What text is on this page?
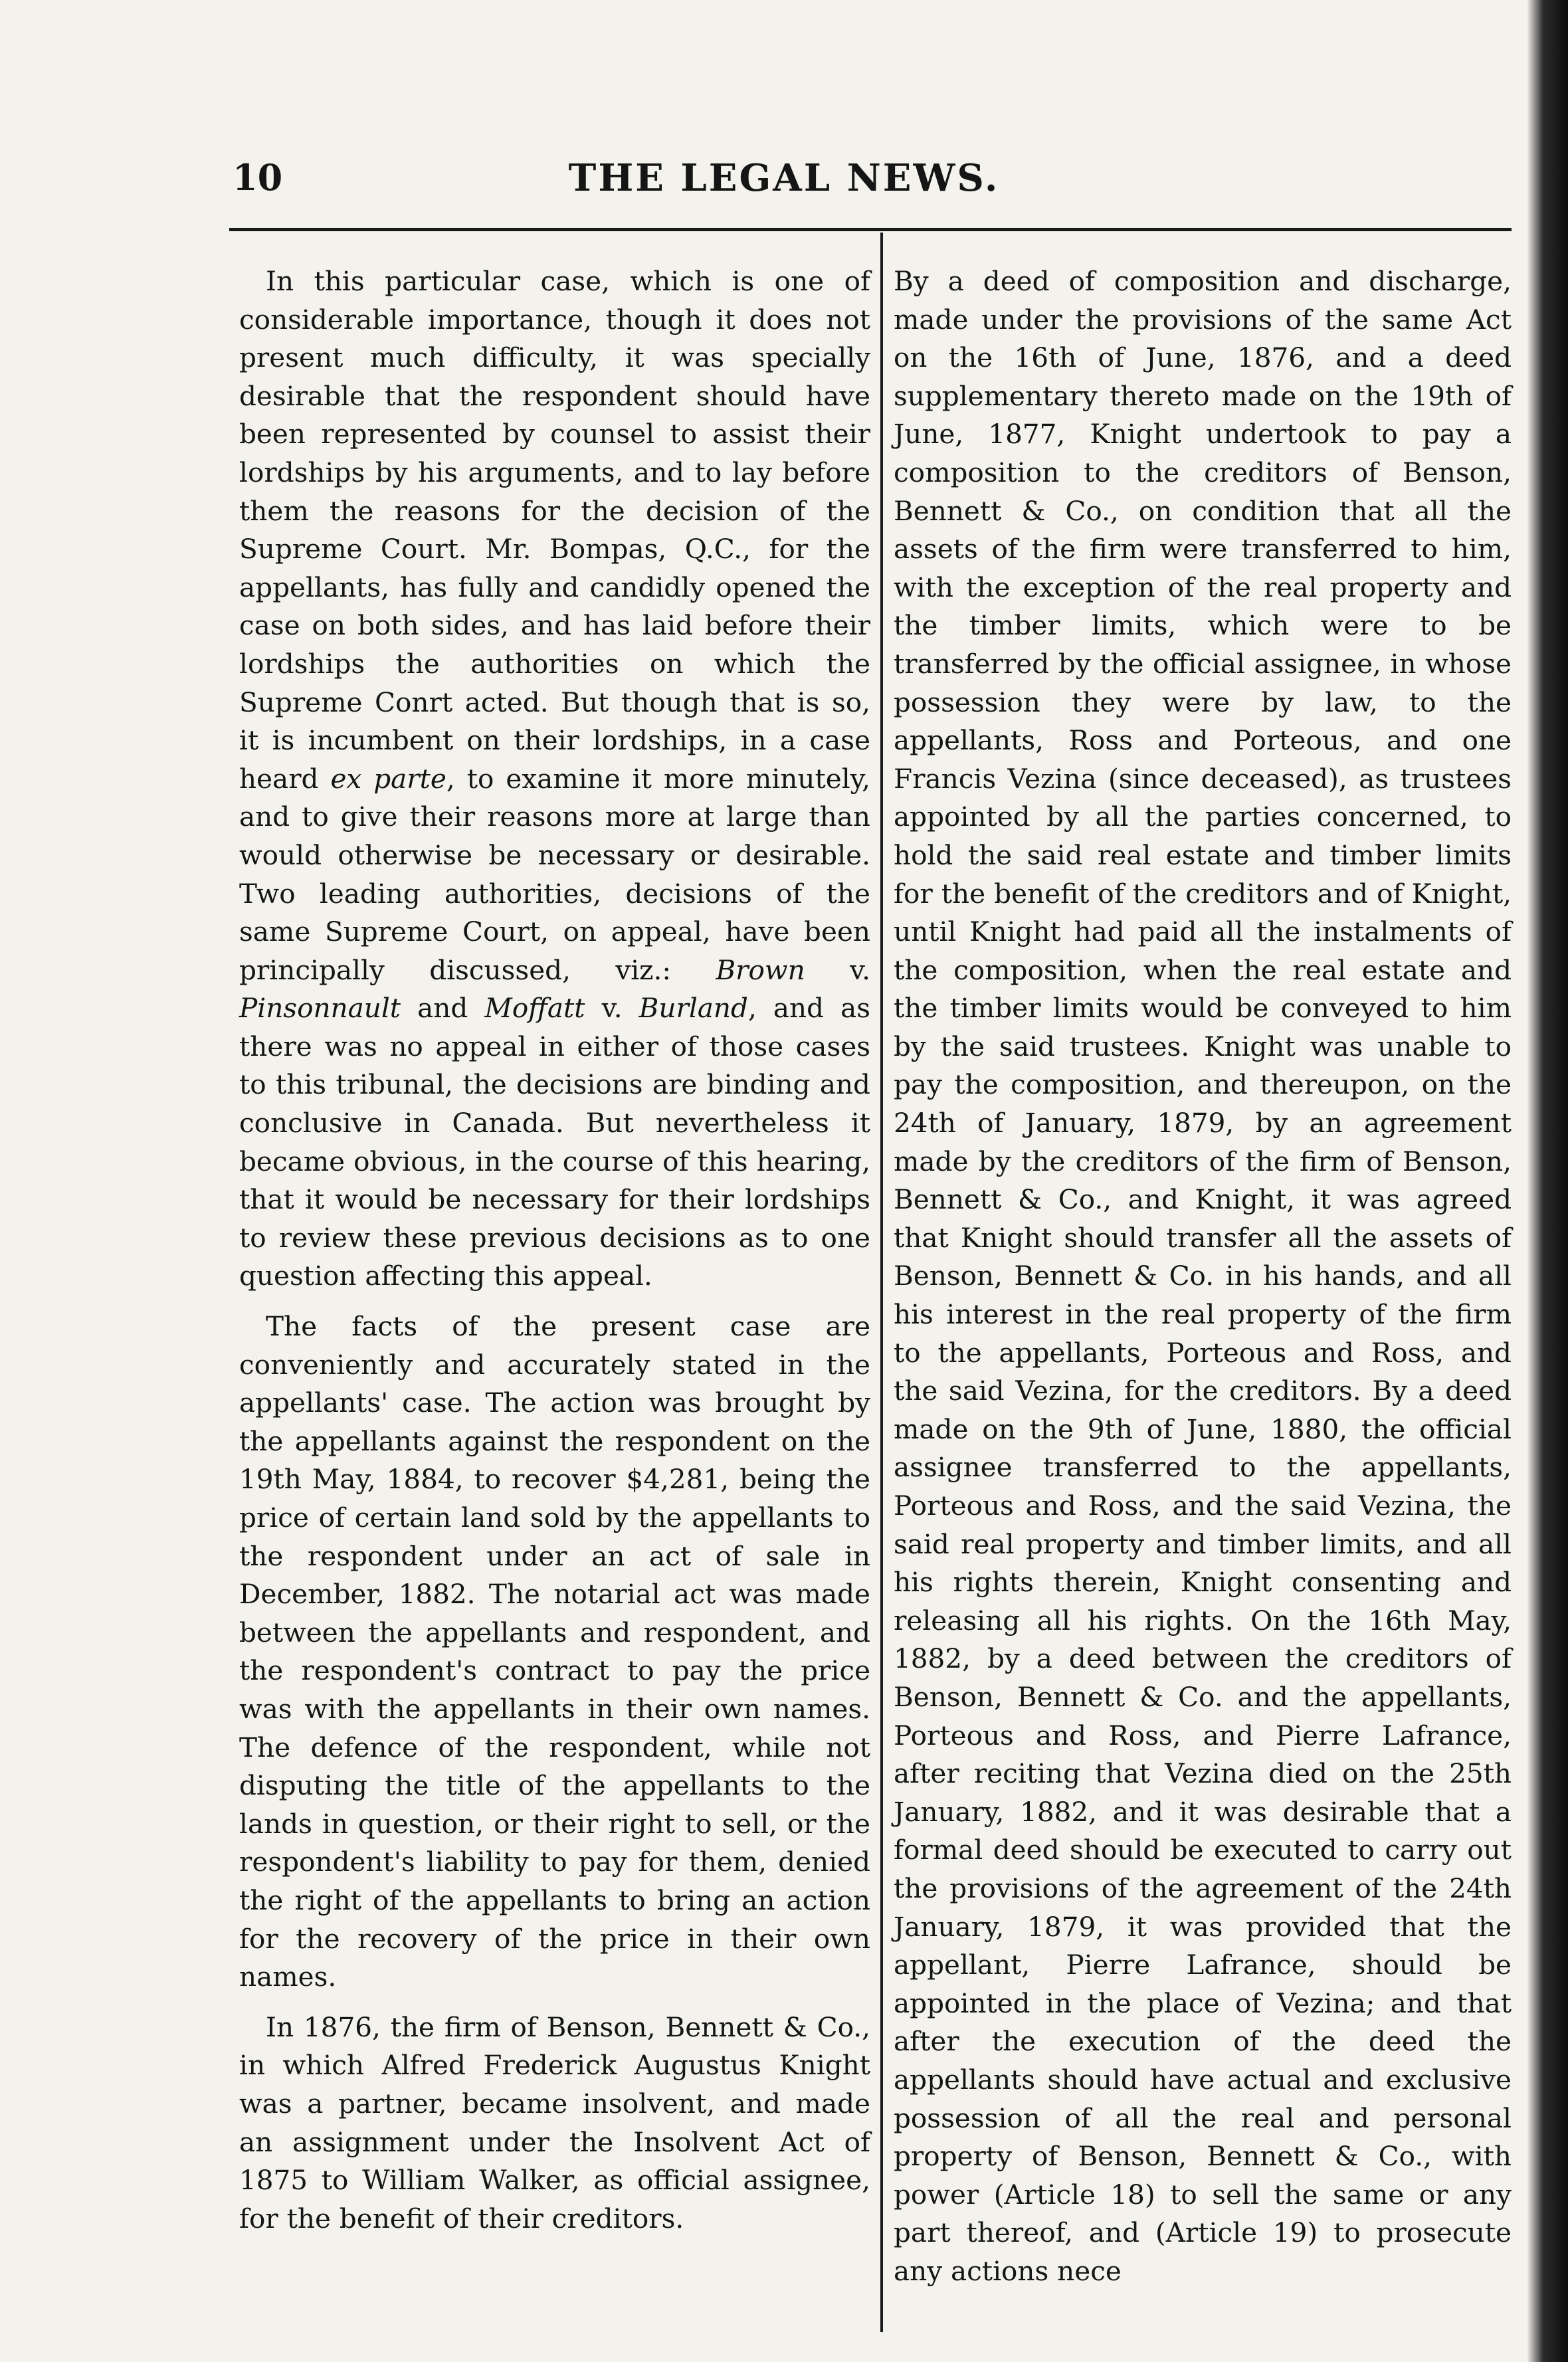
10	THE LEGAL NEWS.

In this particular case, which is one of considerable importance, though it does not present much difficulty, it was specially desirable that the respondent should have been represented by counsel to assist their lordships by his arguments, and to lay before them the reasons for the decision of the Supreme Court. Mr. Bompas, Q.C., for the appellants, has fully and candidly opened the case on both sides, and has laid before their lordships the authorities on which the Supreme Conrt acted. But though that is so, it is incumbent on their lordships, in a case heard ex parte, to examine it more minutely, and to give their reasons more at large than would otherwise be necessary or desirable. Two leading authorities, decisions of the same Supreme Court, on appeal, have been principally discussed, viz.: Brown v. Pinsonnault and Moffatt v. Burland, and as there was no appeal in either of those cases to this tribunal, the decisions are binding and conclusive in Canada. But nevertheless it became obvious, in the course of this hearing, that it would be necessary for their lordships to review these previous decisions as to one question affecting this appeal.

The facts of the present case are conveniently and accurately stated in the appellants' case. The action was brought by the appellants against the respondent on the 19th May, 1884, to recover $4,281, being the price of certain land sold by the appellants to the respondent under an act of sale in December, 1882. The notarial act was made between the appellants and respondent, and the respondent's contract to pay the price was with the appellants in their own names. The defence of the respondent, while not disputing the title of the appellants to the lands in question, or their right to sell, or the respondent's liability to pay for them, denied the right of the appellants to bring an action for the recovery of the price in their own names.

In 1876, the firm of Benson, Bennett & Co., in which Alfred Frederick Augustus Knight was a partner, became insolvent, and made an assignment under the Insolvent Act of 1875 to William Walker, as official assignee, for the benefit of their creditors.

By a deed of composition and discharge, made under the provisions of the same Act on the 16th of June, 1876, and a deed supplementary thereto made on the 19th of June, 1877, Knight undertook to pay a composition to the creditors of Benson, Bennett & Co., on condition that all the assets of the firm were transferred to him, with the exception of the real property and the timber limits, which were to be transferred by the official assignee, in whose possession they were by law, to the appellants, Ross and Porteous, and one Francis Vezina (since deceased), as trustees appointed by all the parties concerned, to hold the said real estate and timber limits for the benefit of the creditors and of Knight, until Knight had paid all the instalments of the composition, when the real estate and the timber limits would be conveyed to him by the said trustees. Knight was unable to pay the composition, and thereupon, on the 24th of January, 1879, by an agreement made by the creditors of the firm of Benson, Bennett & Co., and Knight, it was agreed that Knight should transfer all the assets of Benson, Bennett & Co. in his hands, and all his interest in the real property of the firm to the appellants, Porteous and Ross, and the said Vezina, for the creditors. By a deed made on the 9th of June, 1880, the official assignee transferred to the appellants, Porteous and Ross, and the said Vezina, the said real property and timber limits, and all his rights therein, Knight consenting and releasing all his rights. On the 16th May, 1882, by a deed between the creditors of Benson, Bennett & Co. and the appellants, Porteous and Ross, and Pierre Lafrance, after reciting that Vezina died on the 25th January, 1882, and it was desirable that a formal deed should be executed to carry out the provisions of the agreement of the 24th January, 1879, it was provided that the appellant, Pierre Lafrance, should be appointed in the place of Vezina; and that after the execution of the deed the appellants should have actual and exclusive possession of all the real and personal property of Benson, Bennett & Co., with power (Article 18) to sell the same or any part thereof, and (Article 19) to prosecute any actions nece
